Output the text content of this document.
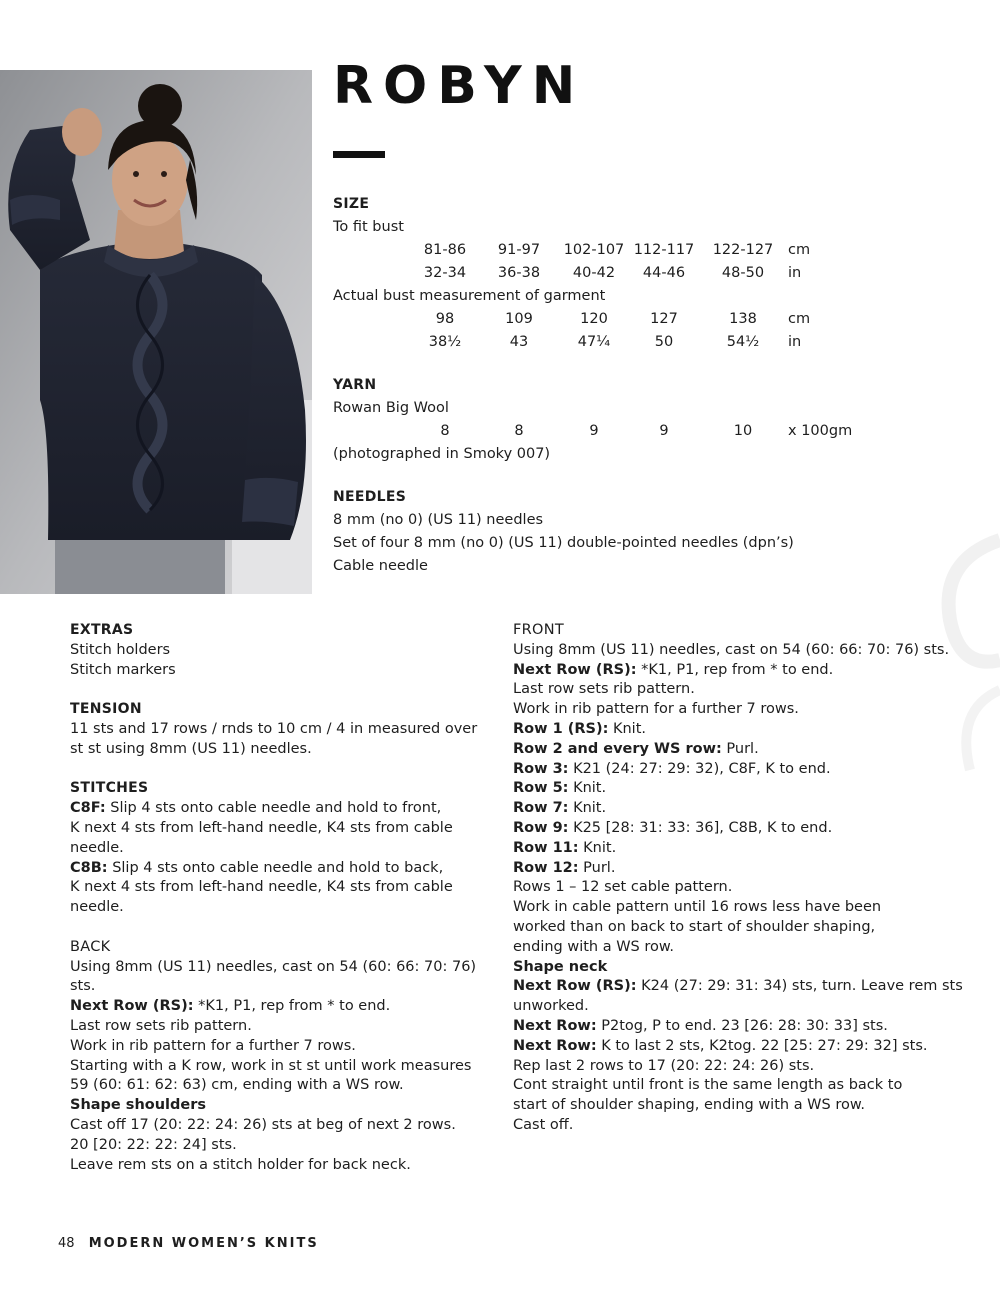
ROBYN
SIZE
To fit bust
81-86	91-97	102-107 112-117	122-127	cm
32-34	36-38	40-42	44-46	48-50	in
Actual bust measurement of garment
98	109	120	127	138	cm
38½	43	47¼	50	54½	in
YARN
Rowan Big Wool
8	8	9	9	10	x 100gm
(photographed in Smoky 007)
NEEDLES
8 mm (no 0) (US 11) needles
Set of four 8 mm (no 0) (US 11) double-pointed needles (dpn’s)
Cable needle

EXTRAS

Stitch holders

Stitch markers

TENSION

11 sts and 17 rows / rnds to 10 cm / 4 in measured over

st st using 8mm (US 11) needles.

STITCHES

C8F: Slip 4 sts onto cable needle and hold to front,

K next 4 sts from left-hand needle, K4 sts from cable

needle.

C8B: Slip 4 sts onto cable needle and hold to back,

K next 4 sts from left-hand needle, K4 sts from cable

needle.

BACK

Using 8mm (US 11) needles, cast on 54 (60: 66: 70: 76) sts.

Next Row (RS): *K1, P1, rep from * to end.

Last row sets rib pattern.

Work in rib pattern for a further 7 rows.

Starting with a K row, work in st st until work measures

59 (60: 61: 62: 63) cm, ending with a WS row.

Shape shoulders

Cast off 17 (20: 22: 24: 26) sts at beg of next 2 rows.

20 [20: 22: 22: 24] sts.

Leave rem sts on a stitch holder for back neck.

FRONT

Using 8mm (US 11) needles, cast on 54 (60: 66: 70: 76) sts.

Next Row (RS): *K1, P1, rep from * to end.

Last row sets rib pattern.

Work in rib pattern for a further 7 rows.

Row 1 (RS): Knit.

Row 2 and every WS row: Purl.

Row 3: K21 (24: 27: 29: 32), C8F, K to end.

Row 5: Knit.

Row 7: Knit.

Row 9: K25 [28: 31: 33: 36], C8B, K to end.

Row 11: Knit.

Row 12: Purl.

Rows 1 – 12 set cable pattern.

Work in cable pattern until 16 rows less have been

worked than on back to start of shoulder shaping,

ending with a WS row.

Shape neck

Next Row (RS): K24 (27: 29: 31: 34) sts, turn. Leave rem sts

unworked.

Next Row: P2tog, P to end. 23 [26: 28: 30: 33] sts.

Next Row: K to last 2 sts, K2tog. 22 [25: 27: 29: 32] sts.

Rep last 2 rows to 17 (20: 22: 24: 26) sts.

Cont straight until front is the same length as back to

start of shoulder shaping, ending with a WS row.

Cast off.

48 MODERN WOMEN’S KNITS
